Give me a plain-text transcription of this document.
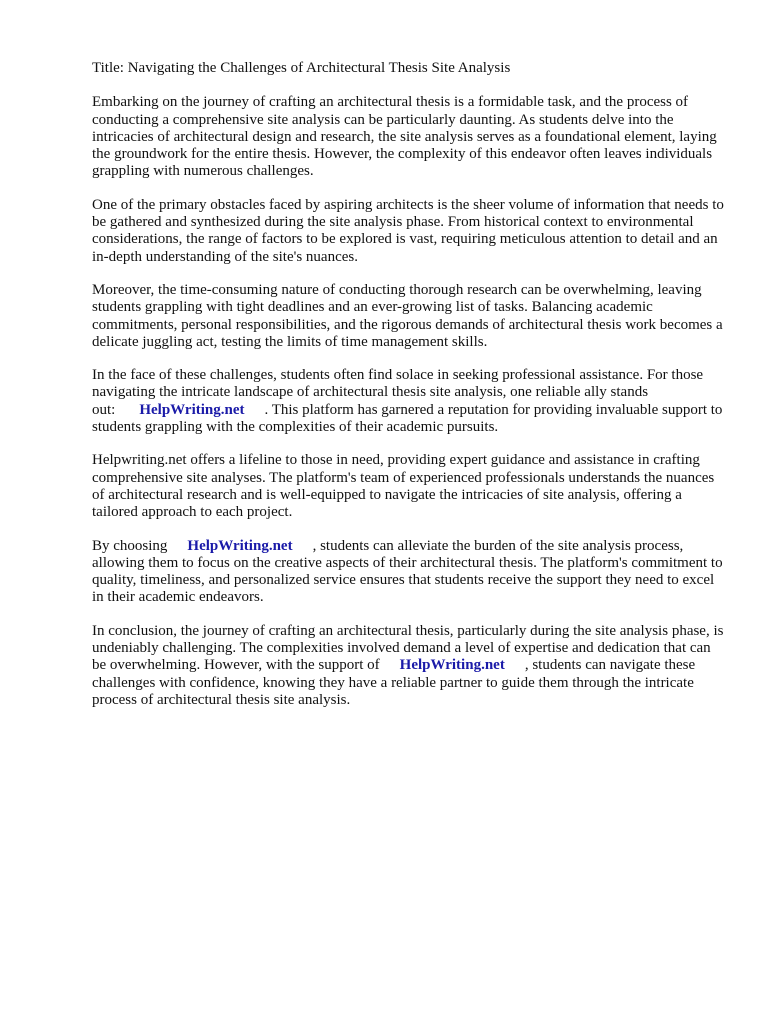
Title: Navigating the Challenges of Architectural Thesis Site Analysis

Embarking on the journey of crafting an architectural thesis is a formidable task, and the process of conducting a comprehensive site analysis can be particularly daunting. As students delve into the intricacies of architectural design and research, the site analysis serves as a foundational element, laying the groundwork for the entire thesis. However, the complexity of this endeavor often leaves individuals grappling with numerous challenges.

One of the primary obstacles faced by aspiring architects is the sheer volume of information that needs to be gathered and synthesized during the site analysis phase. From historical context to environmental considerations, the range of factors to be explored is vast, requiring meticulous attention to detail and an in-depth understanding of the site's nuances.

Moreover, the time-consuming nature of conducting thorough research can be overwhelming, leaving students grappling with tight deadlines and an ever-growing list of tasks. Balancing academic commitments, personal responsibilities, and the rigorous demands of architectural thesis work becomes a delicate juggling act, testing the limits of time management skills.

In the face of these challenges, students often find solace in seeking professional assistance. For those navigating the intricate landscape of architectural thesis site analysis, one reliable ally stands out: HelpWriting.net . This platform has garnered a reputation for providing invaluable support to students grappling with the complexities of their academic pursuits.

Helpwriting.net offers a lifeline to those in need, providing expert guidance and assistance in crafting comprehensive site analyses. The platform's team of experienced professionals understands the nuances of architectural research and is well-equipped to navigate the intricacies of site analysis, offering a tailored approach to each project.

By choosing HelpWriting.net , students can alleviate the burden of the site analysis process, allowing them to focus on the creative aspects of their architectural thesis. The platform's commitment to quality, timeliness, and personalized service ensures that students receive the support they need to excel in their academic endeavors.

In conclusion, the journey of crafting an architectural thesis, particularly during the site analysis phase, is undeniably challenging. The complexities involved demand a level of expertise and dedication that can be overwhelming. However, with the support of HelpWriting.net , students can navigate these challenges with confidence, knowing they have a reliable partner to guide them through the intricate process of architectural thesis site analysis.
